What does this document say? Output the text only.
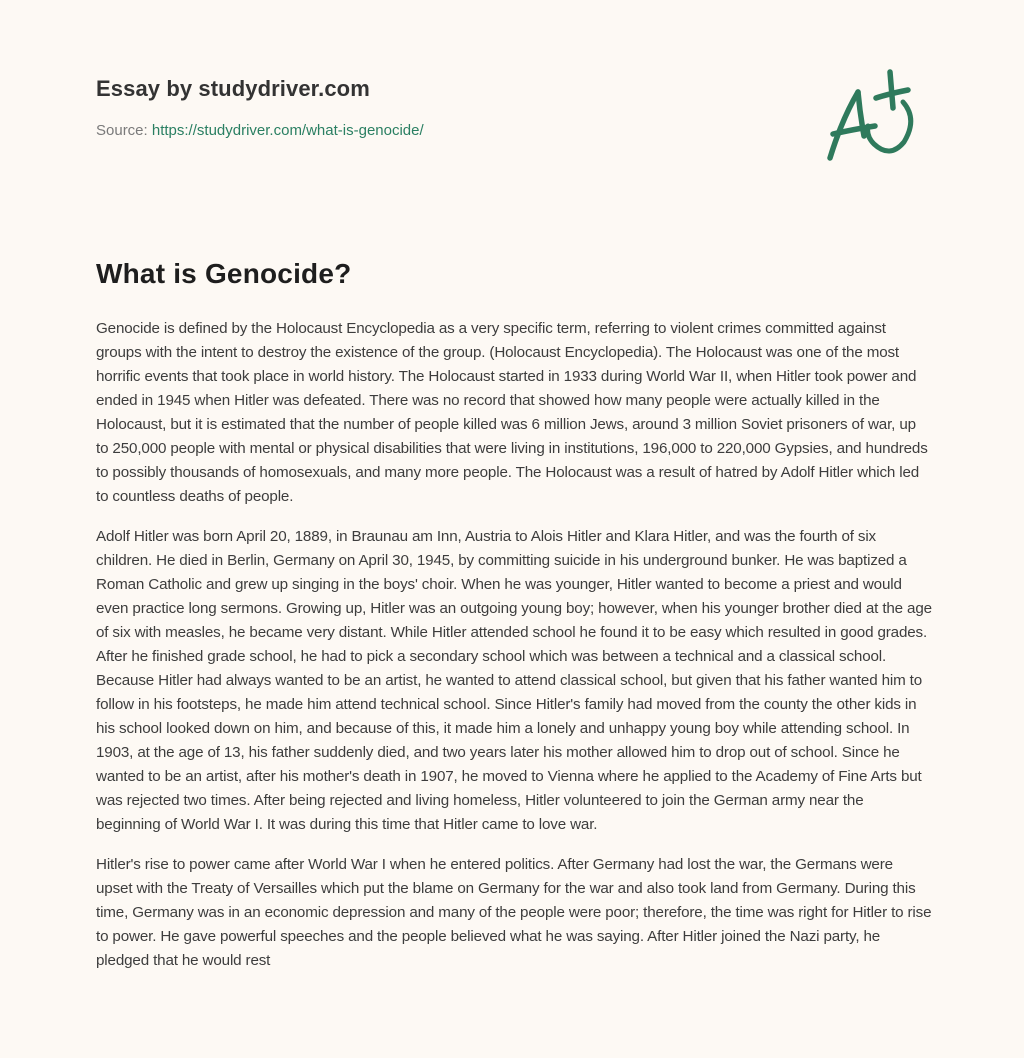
Essay by studydriver.com
Source: https://studydriver.com/what-is-genocide/
What is Genocide?

Genocide is defined by the Holocaust Encyclopedia as a very specific term, referring to violent crimes committed against groups with the intent to destroy the existence of the group. (Holocaust Encyclopedia). The Holocaust was one of the most horrific events that took place in world history. The Holocaust started in 1933 during World War II, when Hitler took power and ended in 1945 when Hitler was defeated. There was no record that showed how many people were actually killed in the Holocaust, but it is estimated that the number of people killed was 6 million Jews, around 3 million Soviet prisoners of war, up to 250,000 people with mental or physical disabilities that were living in institutions, 196,000 to 220,000 Gypsies, and hundreds to possibly thousands of homosexuals, and many more people. The Holocaust was a result of hatred by Adolf Hitler which led to countless deaths of people.

Adolf Hitler was born April 20, 1889, in Braunau am Inn, Austria to Alois Hitler and Klara Hitler, and was the fourth of six children. He died in Berlin, Germany on April 30, 1945, by committing suicide in his underground bunker. He was baptized a Roman Catholic and grew up singing in the boys' choir. When he was younger, Hitler wanted to become a priest and would even practice long sermons. Growing up, Hitler was an outgoing young boy; however, when his younger brother died at the age of six with measles, he became very distant. While Hitler attended school he found it to be easy which resulted in good grades. After he finished grade school, he had to pick a secondary school which was between a technical and a classical school. Because Hitler had always wanted to be an artist, he wanted to attend classical school, but given that his father wanted him to follow in his footsteps, he made him attend technical school. Since Hitler's family had moved from the county the other kids in his school looked down on him, and because of this, it made him a lonely and unhappy young boy while attending school. In 1903, at the age of 13, his father suddenly died, and two years later his mother allowed him to drop out of school. Since he wanted to be an artist, after his mother's death in 1907, he moved to Vienna where he applied to the Academy of Fine Arts but was rejected two times. After being rejected and living homeless, Hitler volunteered to join the German army near the beginning of World War I. It was during this time that Hitler came to love war.

Hitler's rise to power came after World War I when he entered politics. After Germany had lost the war, the Germans were upset with the Treaty of Versailles which put the blame on Germany for the war and also took land from Germany. During this time, Germany was in an economic depression and many of the people were poor; therefore, the time was right for Hitler to rise to power. He gave powerful speeches and the people believed what he was saying. After Hitler joined the Nazi party, he pledged that he would rest
